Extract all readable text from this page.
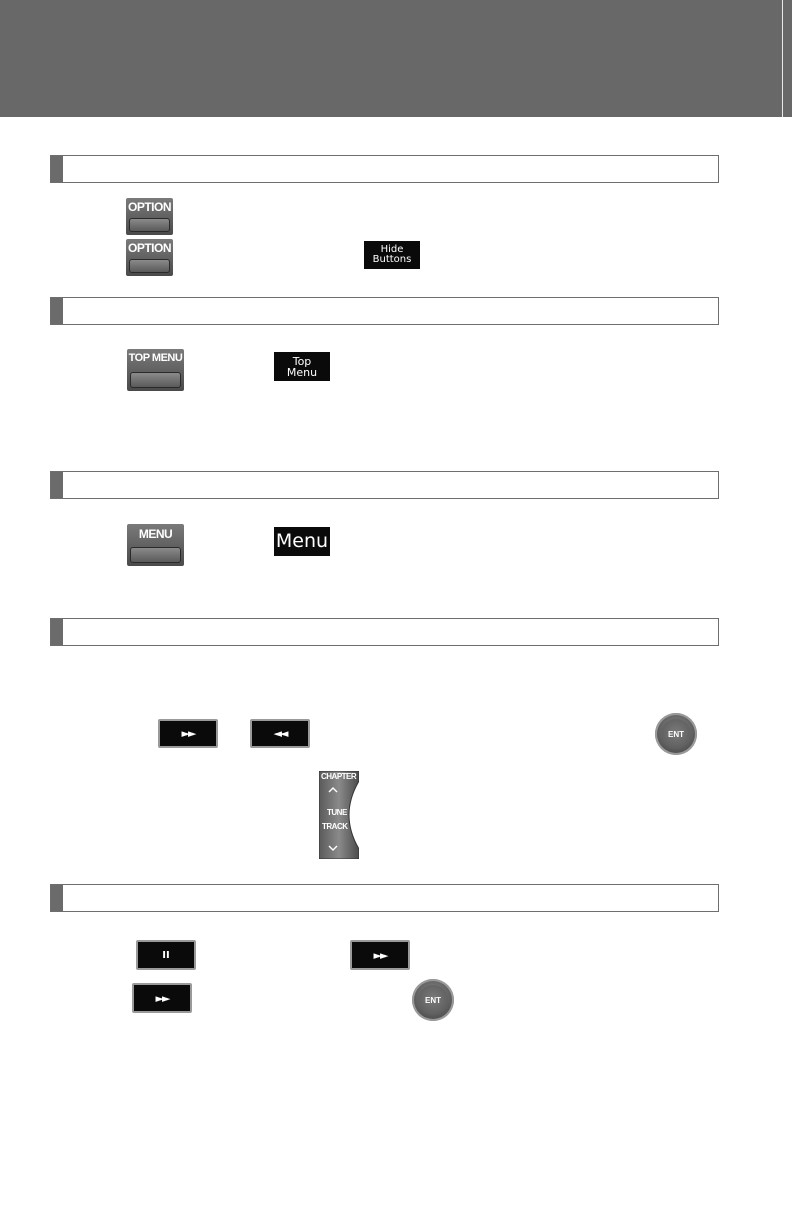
OPTION
OPTION	Hide
Buttons
TOP MENU	Top
Menu
MENU	Menu
►►	◄◄	ENT
CHAPTER
TUNE
TRACK
II	►►
►►	ENT
